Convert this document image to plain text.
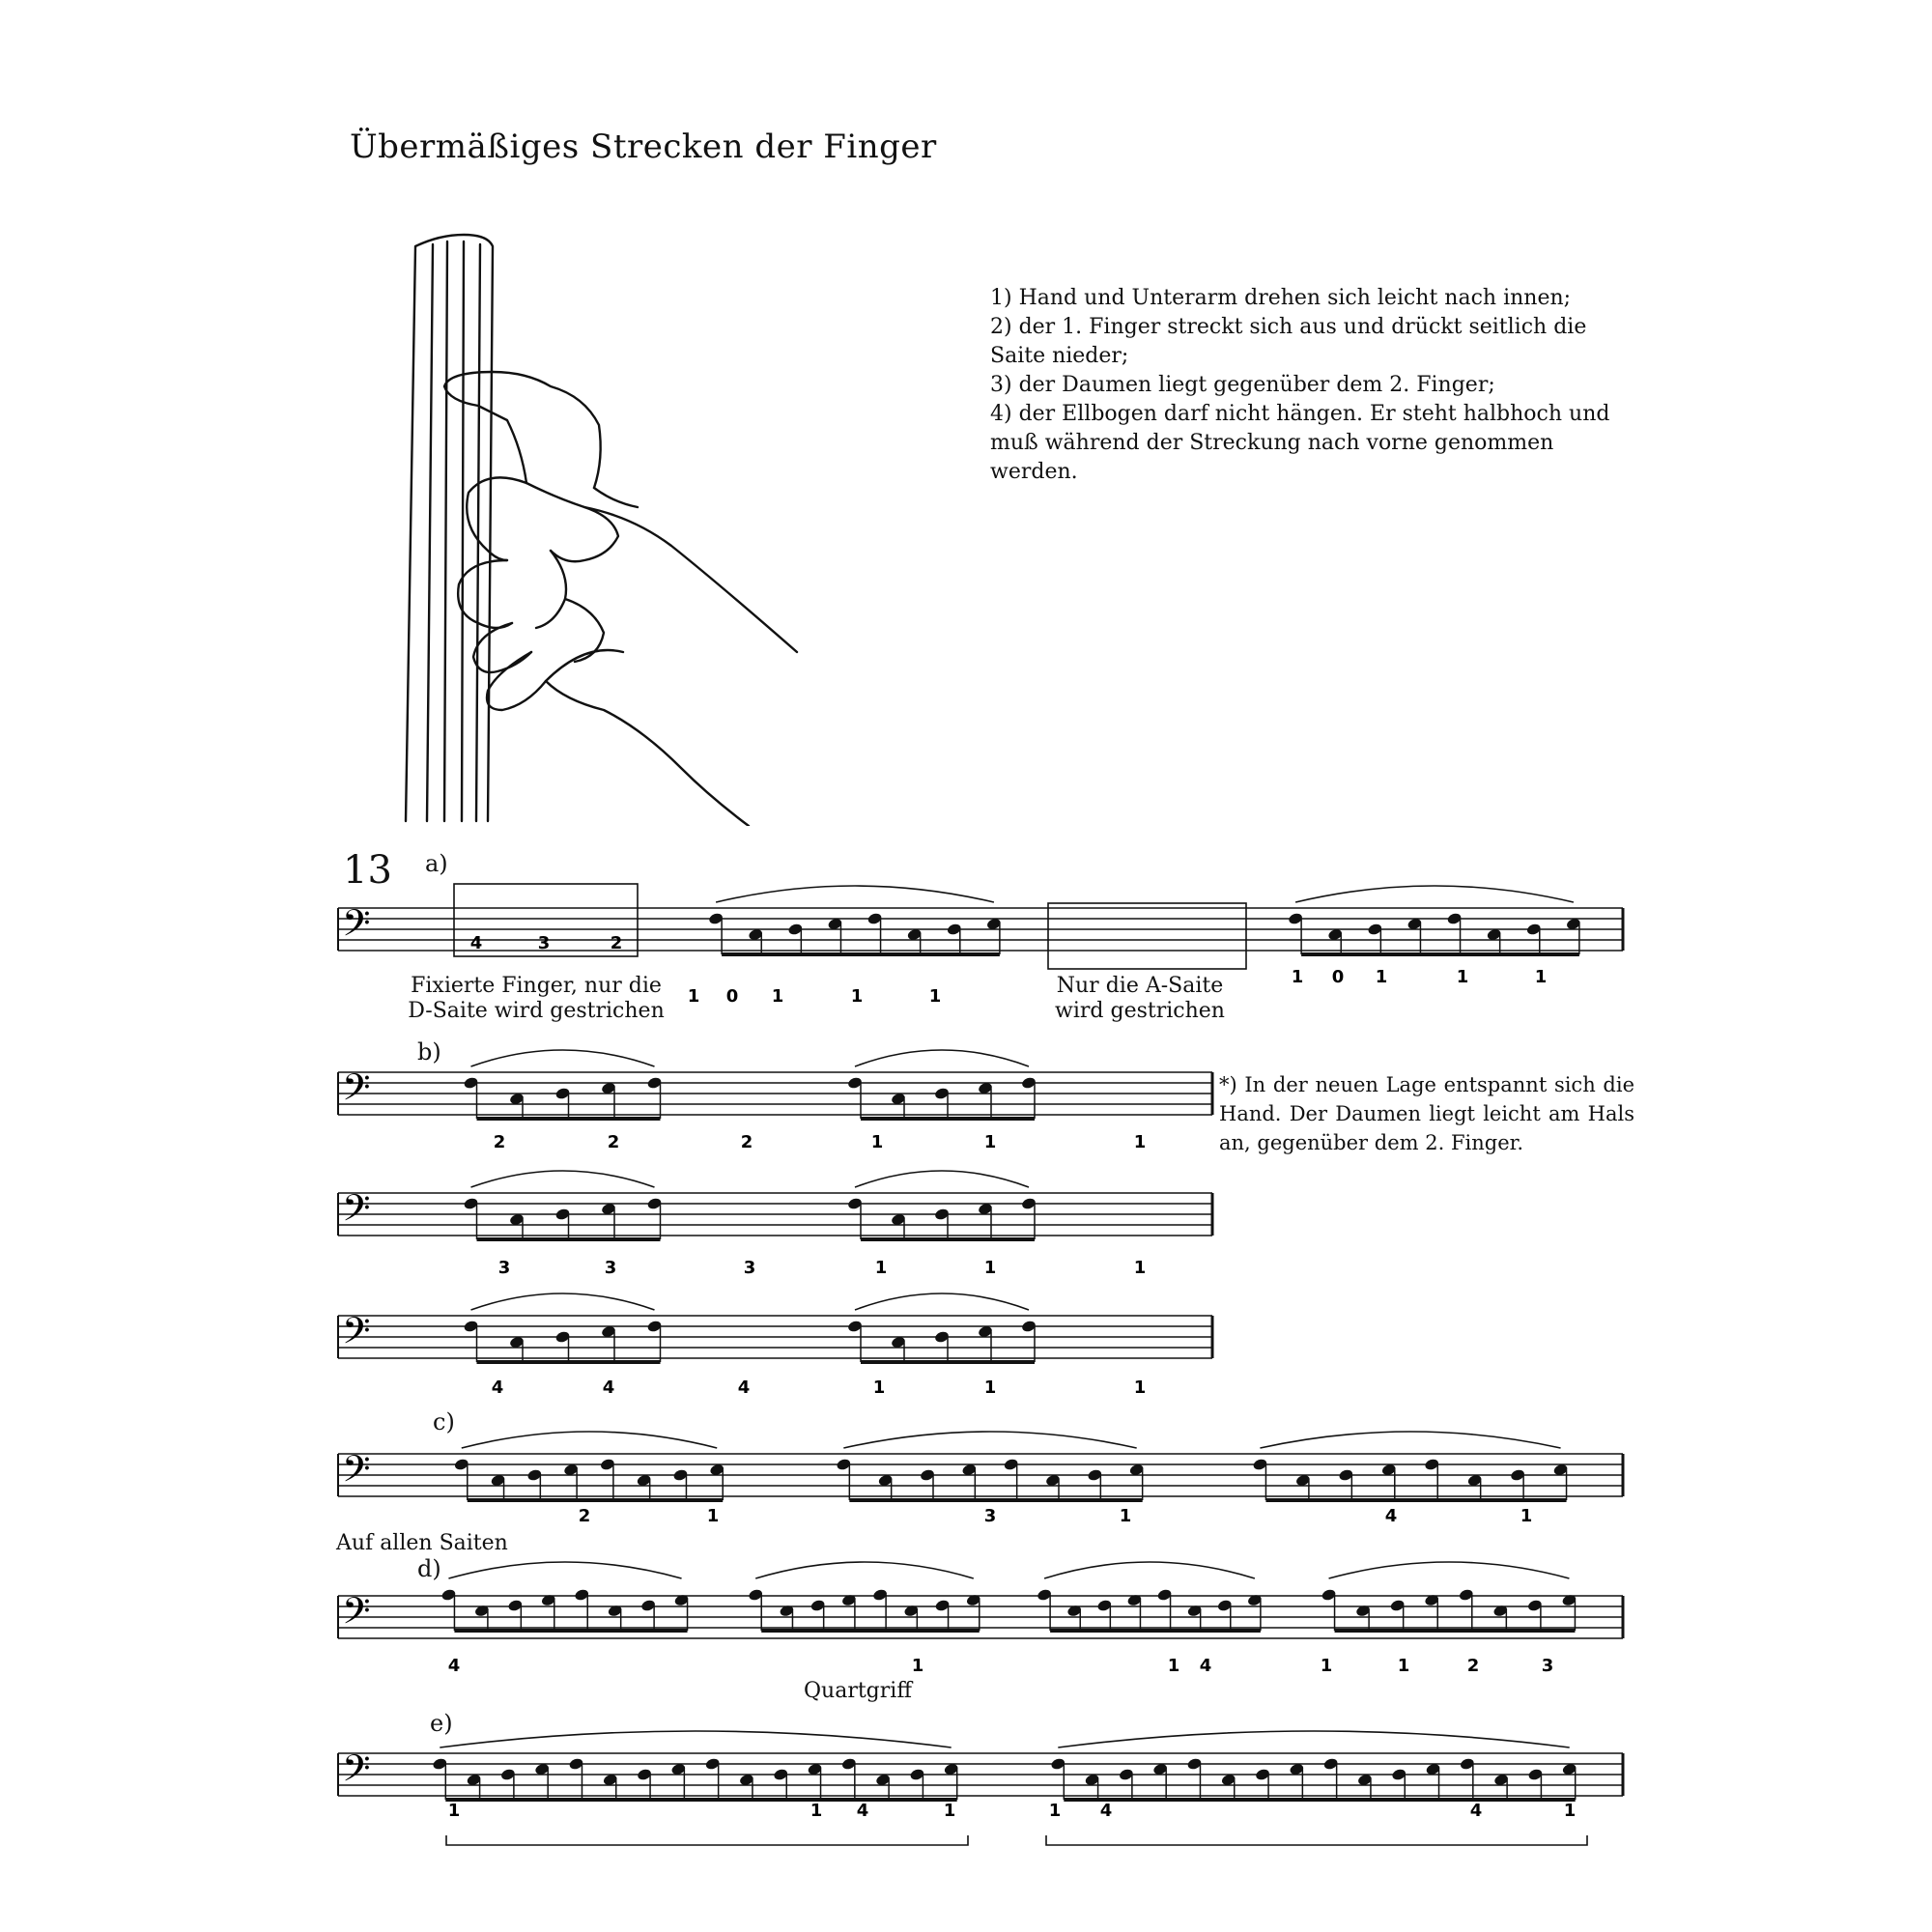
Übermäßiges Strecken der Finger

1) Hand und Unterarm drehen sich leicht nach innen;

2) der 1. Finger streckt sich aus und drückt seitlich die Saite nieder;

3) der Daumen liegt gegenüber dem 2. Finger;

4) der Ellbogen darf nicht hängen. Er steht halbhoch und muß während der Streckung nach vorne genommen werden.

13 a)
b)
c)
Auf allen Saiten
d)
e)
Quartgriff
Fixierte Finger, nur die D-Saite wird gestrichen
Nur die A-Saite wird gestrichen
*) In der neuen Lage entspannt sich die Hand. Der Daumen liegt leicht am Hals an, gegenüber dem 2. Finger.
𝄢	4	3	2
1 0 1	1	1
1 0 1	1	1
𝄢
2	2	2	1	1	1
𝄢
3	3	3	1	1	1
𝄢
4	4	4	1	1	1
𝄢
2	1	3	1	4	1
𝄢
4	1	1 4	1	1	2	3
𝄢
1	1 4	1	1 4	4	1
